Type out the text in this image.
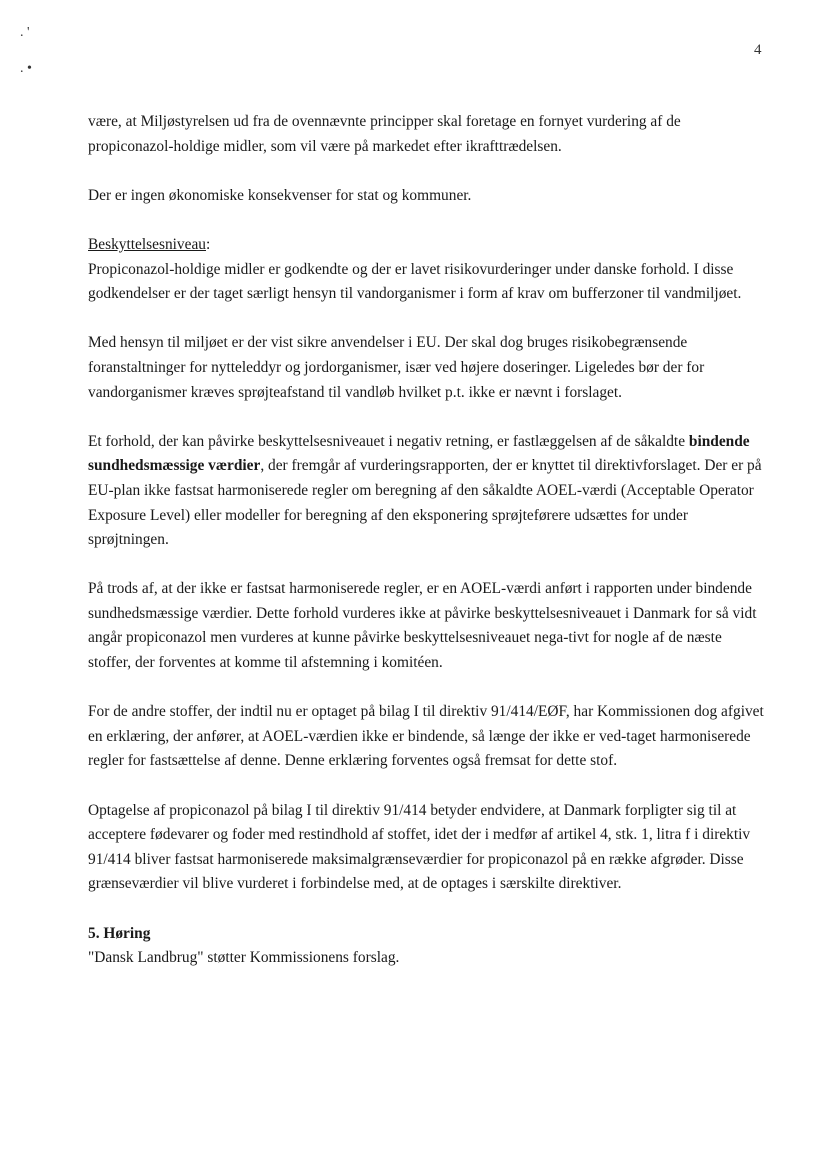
. '
. •
4

være, at Miljøstyrelsen ud fra de ovennævnte principper skal foretage en fornyet vurdering af de propiconazol-holdige midler, som vil være på markedet efter ikrafttrædelsen.

Der er ingen økonomiske konsekvenser for stat og kommuner.

Beskyttelsesniveau:

Propiconazol-holdige midler er godkendte og der er lavet risikovurderinger under danske forhold. I disse godkendelser er der taget særligt hensyn til vandorganismer i form af krav om bufferzoner til vandmiljøet.

Med hensyn til miljøet er der vist sikre anvendelser i EU. Der skal dog bruges risikobegrænsende foranstaltninger for nytteleddyr og jordorganismer, især ved højere doseringer. Ligeledes bør der for vandorganismer kræves sprøjteafstand til vandløb hvilket p.t. ikke er nævnt i forslaget.

Et forhold, der kan påvirke beskyttelsesniveauet i negativ retning, er fastlæggelsen af de såkaldte bindende sundhedsmæssige værdier, der fremgår af vurderingsrapporten, der er knyttet til direktivforslaget. Der er på EU-plan ikke fastsat harmoniserede regler om beregning af den såkaldte AOEL-værdi (Acceptable Operator Exposure Level) eller modeller for beregning af den eksponering sprøjteførere udsættes for under sprøjtningen.

På trods af, at der ikke er fastsat harmoniserede regler, er en AOEL-værdi anført i rapporten under bindende sundhedsmæssige værdier. Dette forhold vurderes ikke at påvirke beskyttelsesniveauet i Danmark for så vidt angår propiconazol men vurderes at kunne påvirke beskyttelsesniveauet nega-tivt for nogle af de næste stoffer, der forventes at komme til afstemning i komitéen.

For de andre stoffer, der indtil nu er optaget på bilag I til direktiv 91/414/EØF, har Kommissionen dog afgivet en erklæring, der anfører, at AOEL-værdien ikke er bindende, så længe der ikke er ved-taget harmoniserede regler for fastsættelse af denne. Denne erklæring forventes også fremsat for dette stof.

Optagelse af propiconazol på bilag I til direktiv 91/414 betyder endvidere, at Danmark forpligter sig til at acceptere fødevarer og foder med restindhold af stoffet, idet der i medfør af artikel 4, stk. 1, litra f i direktiv 91/414 bliver fastsat harmoniserede maksimalgrænseværdier for propiconazol på en række afgrøder. Disse grænseværdier vil blive vurderet i forbindelse med, at de optages i særskilte direktiver.

5. Høring

"Dansk Landbrug" støtter Kommissionens forslag.
